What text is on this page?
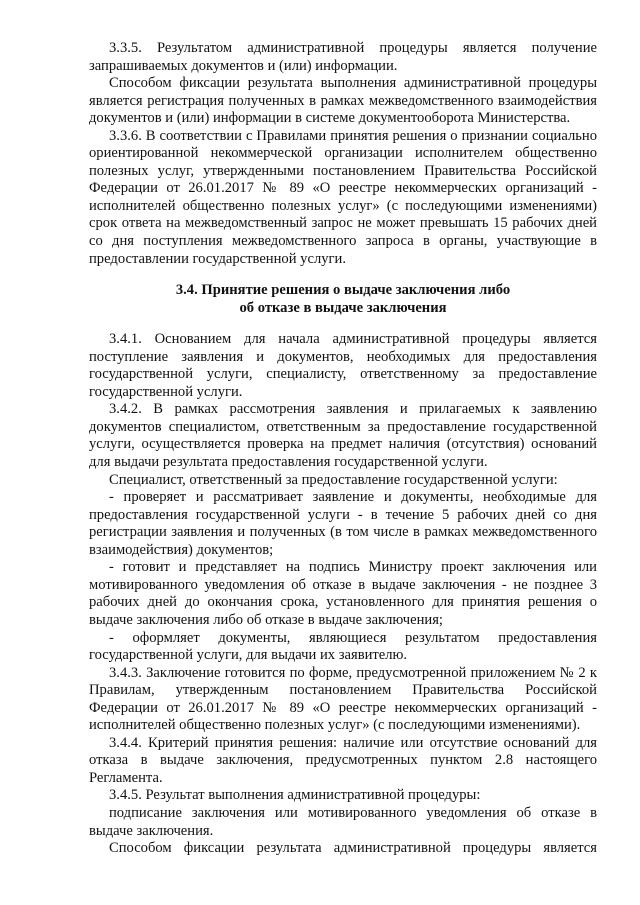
3.3.5. Результатом административной процедуры является получение запрашиваемых документов и (или) информации.

Способом фиксации результата выполнения административной процедуры является регистрация полученных в рамках межведомственного взаимодействия документов и (или) информации в системе документооборота Министерства.

3.3.6. В соответствии с Правилами принятия решения о признании социально ориентированной некоммерческой организации исполнителем общественно полезных услуг, утвержденными постановлением Правительства Российской Федерации от 26.01.2017 № 89 «О реестре некоммерческих организаций - исполнителей общественно полезных услуг» (с последующими изменениями) срок ответа на межведомственный запрос не может превышать 15 рабочих дней со дня поступления межведомственного запроса в органы, участвующие в предоставлении государственной услуги.

3.4. Принятие решения о выдаче заключения либо
об отказе в выдаче заключения

3.4.1. Основанием для начала административной процедуры является поступление заявления и документов, необходимых для предоставления государственной услуги, специалисту, ответственному за предоставление государственной услуги.

3.4.2. В рамках рассмотрения заявления и прилагаемых к заявлению документов специалистом, ответственным за предоставление государственной услуги, осуществляется проверка на предмет наличия (отсутствия) оснований для выдачи результата предоставления государственной услуги.

Специалист, ответственный за предоставление государственной услуги:

- проверяет и рассматривает заявление и документы, необходимые для предоставления государственной услуги - в течение 5 рабочих дней со дня регистрации заявления и полученных (в том числе в рамках межведомственного взаимодействия) документов;

- готовит и представляет на подпись Министру проект заключения или мотивированного уведомления об отказе в выдаче заключения - не позднее 3 рабочих дней до окончания срока, установленного для принятия решения о выдаче заключения либо об отказе в выдаче заключения;

- оформляет документы, являющиеся результатом предоставления государственной услуги, для выдачи их заявителю.

3.4.3. Заключение готовится по форме, предусмотренной приложением № 2 к Правилам, утвержденным постановлением Правительства Российской Федерации от 26.01.2017 № 89 «О реестре некоммерческих организаций - исполнителей общественно полезных услуг» (с последующими изменениями).

3.4.4. Критерий принятия решения: наличие или отсутствие оснований для отказа в выдаче заключения, предусмотренных пунктом 2.8 настоящего Регламента.

3.4.5. Результат выполнения административной процедуры:

подписание заключения или мотивированного уведомления об отказе в выдаче заключения.

Способом фиксации результата административной процедуры является
